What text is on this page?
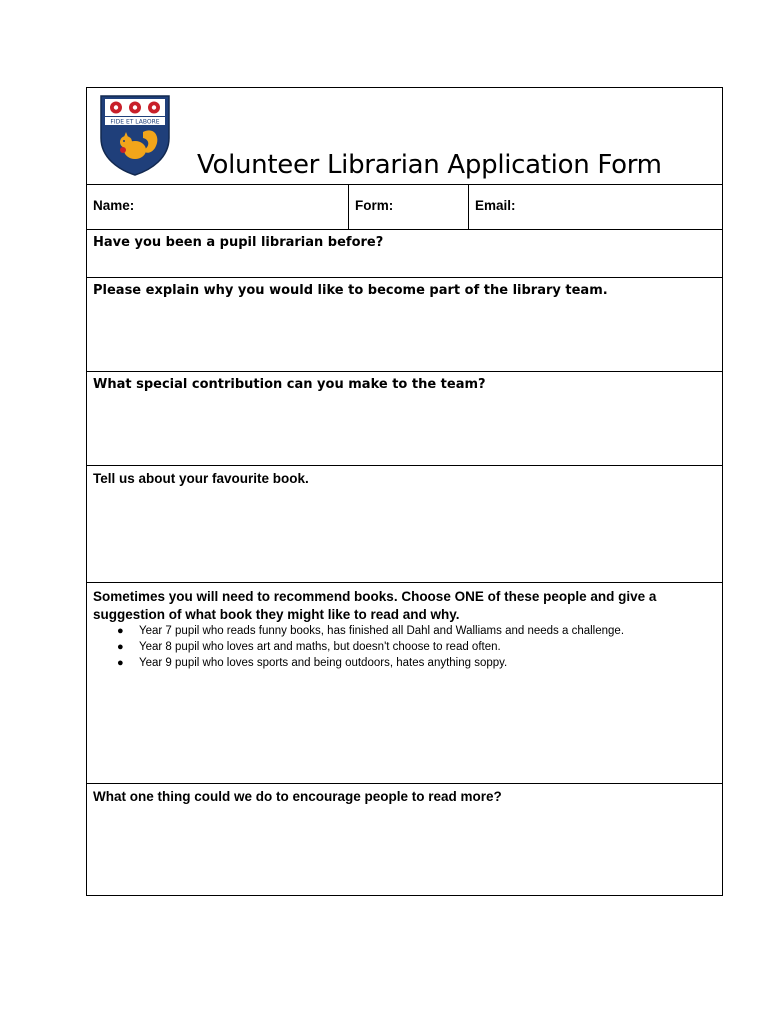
FIDE ET LABORE
Volunteer Librarian Application Form
Name:	Form:	Email:
Have you been a pupil librarian before?
Please explain why you would like to become part of the library team.
What special contribution can you make to the team?
Tell us about your favourite book.
Sometimes you will need to recommend books. Choose ONE of these people and give a suggestion of what book they might like to read and why.
● Year 7 pupil who reads funny books, has finished all Dahl and Walliams and needs a challenge.
● Year 8 pupil who loves art and maths, but doesn't choose to read often.
● Year 9 pupil who loves sports and being outdoors, hates anything soppy.
What one thing could we do to encourage people to read more?
